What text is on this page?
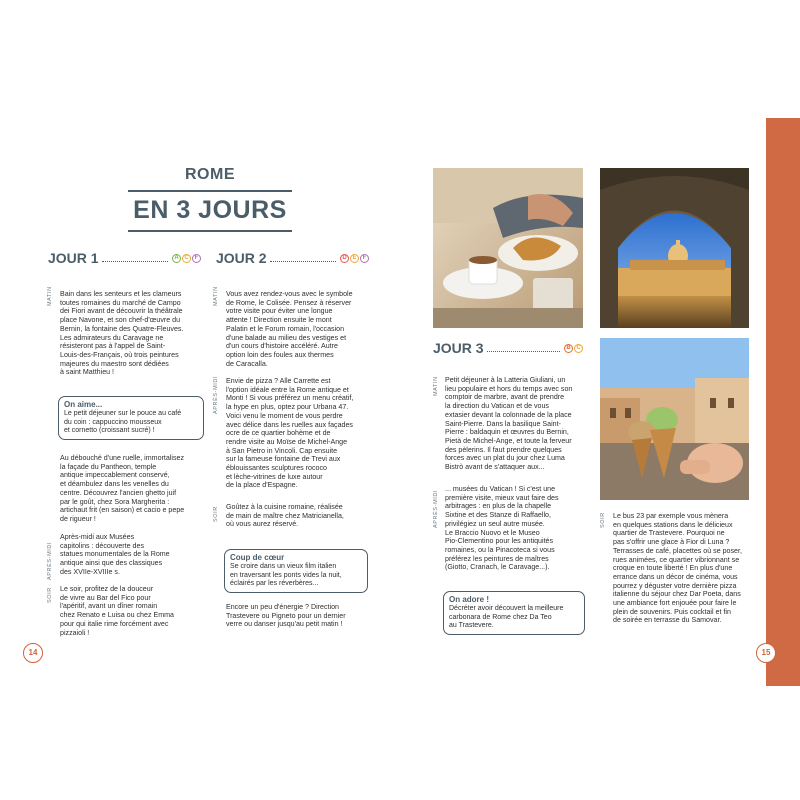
ROME
EN 3 JOURS
JOUR 1	A C F JOUR 2	D E	F
MATIN Bain dans les senteurs et les clameurs
toutes romaines du marché de Campo
dei Fiori avant de découvrir la théâtrale
place Navone, et son chef-d'œuvre du
Bernin, la fontaine des Quatre-Fleuves.
Les admirateurs du Caravage ne
résisteront pas à l'appel de Saint-
Louis-des-Français, où trois peintures
majeures du maestro sont dédiées
à saint Matthieu !
On aime...
Le petit déjeuner sur le pouce au café
du coin : cappuccino mousseux
et cornetto (croissant sucré) !
Au débouché d'une ruelle, immortalisez
la façade du Pantheon, temple
antique impeccablement conservé,
et déambulez dans les venelles du
centre. Découvrez l'ancien ghetto juif
par le goût, chez Sora Margherita :
artichaut frit (en saison) et cacio e pepe
de rigueur !
APRÈS-MIDI
Après-midi aux Musées
capitolins : découverte des
statues monumentales de la Rome
antique ainsi que des classiques
des XVIIe-XVIIIe s.
SOIR Le soir, profitez de la douceur
de vivre au Bar del Fico pour
l'apéritif, avant un dîner romain
chez Renato e Luisa ou chez Emma
pour qui italie rime forcément avec
pizzaioli !
MATIN Vous avez rendez-vous avec le symbole
de Rome, le Colisée. Pensez à réserver
votre visite pour éviter une longue
attente ! Direction ensuite le mont
Palatin et le Forum romain, l'occasion
d'une balade au milieu des vestiges et
d'un cours d'histoire accéléré. Autre
option loin des foules aux thermes
de Caracalla.
APRÈS-MIDI Envie de pizza ? Alle Carrette est
l'option idéale entre la Rome antique et
Monti ! Si vous préférez un menu créatif,
la hype en plus, optez pour Urbana 47.
Voici venu le moment de vous perdre
avec délice dans les ruelles aux façades
ocre de ce quartier bohème et de
rendre visite au Moïse de Michel-Ange
à San Pietro in Vincoli. Cap ensuite
sur la fameuse fontaine de Trevi aux
éblouissantes sculptures rococo
et lèche-vitrines de luxe autour
de la place d'Espagne.
SOIR Goûtez à la cuisine romaine, réalisée
de main de maître chez Matricianella,
où vous aurez réservé.
Coup de cœur
Se croire dans un vieux film italien
en traversant les ponts vides la nuit,
éclairés par les réverbères...
Encore un peu d'énergie ? Direction
Trastevere ou Pigneto pour un dernier
verre ou danser jusqu'au petit matin !
14
JOUR 3	B C
MATIN Petit déjeuner à la Latteria Giuliani, un
lieu populaire et hors du temps avec son
comptoir de marbre, avant de prendre
la direction du Vatican et de vous
extasier devant la colonnade de la place
Saint-Pierre. Dans la basilique Saint-
Pierre : baldaquin et œuvres du Bernin,
Pietà de Michel-Ange, et toute la ferveur
des pèlerins. Il faut prendre quelques
forces avec un plat du jour chez Luma
Bistrò avant de s'attaquer aux...
APRÈS-MIDI
... musées du Vatican ! Si c'est une
première visite, mieux vaut faire des
arbitrages : en plus de la chapelle
Sixtine et des Stanze di Raffaello,
privilégiez un seul autre musée.
Le Braccio Nuovo et le Museo
Pio-Clementino pour les antiquités
romaines, ou la Pinacoteca si vous
préférez les peintures de maîtres
(Giotto, Cranach, le Caravage...).
On adore !
Décréter avoir découvert la meilleure
carbonara de Rome chez Da Teo
au Trastevere.
SOIR Le bus 23 par exemple vous mènera
en quelques stations dans le délicieux
quartier de Trastevere. Pourquoi ne
pas s'offrir une glace à Fior di Luna ?
Terrasses de café, placettes où se poser,
rues animées, ce quartier vibrionnant se
croque en toute liberté ! En plus d'une
errance dans un décor de cinéma, vous
pourrez y déguster votre dernière pizza
italienne du séjour chez Dar Poeta, dans
une ambiance fort enjouée pour faire le
plein de souvenirs. Puis cocktail et fin
de soirée en terrasse du Samovar.
15
